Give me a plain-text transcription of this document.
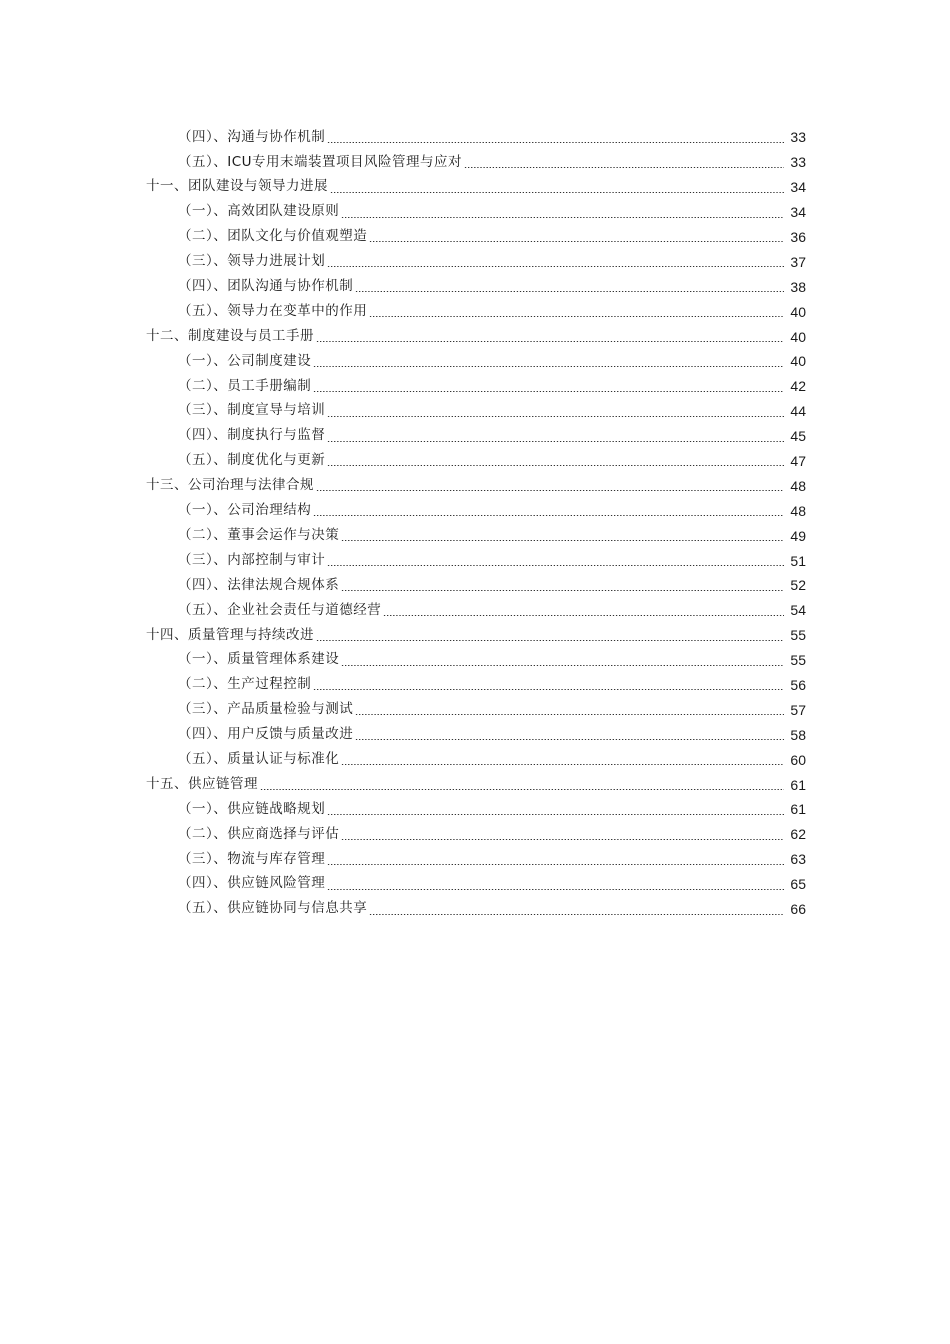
（四）、沟通与协作机制	33
（五）、ICU专用末端装置项目风险管理与应对	33
十一、团队建设与领导力进展	34
（一）、高效团队建设原则	34
（二）、团队文化与价值观塑造	36
（三）、领导力进展计划	37
（四）、团队沟通与协作机制	38
（五）、领导力在变革中的作用	40
十二、制度建设与员工手册	40
（一）、公司制度建设	40
（二）、员工手册编制	42
（三）、制度宣导与培训	44
（四）、制度执行与监督	45
（五）、制度优化与更新	47
十三、公司治理与法律合规	48
（一）、公司治理结构	48
（二）、董事会运作与决策	49
（三）、内部控制与审计	51
（四）、法律法规合规体系	52
（五）、企业社会责任与道德经营	54
十四、质量管理与持续改进	55
（一）、质量管理体系建设	55
（二）、生产过程控制	56
（三）、产品质量检验与测试	57
（四）、用户反馈与质量改进	58
（五）、质量认证与标准化	60
十五、供应链管理	61
（一）、供应链战略规划	61
（二）、供应商选择与评估	62
（三）、物流与库存管理	63
（四）、供应链风险管理	65
（五）、供应链协同与信息共享	66
